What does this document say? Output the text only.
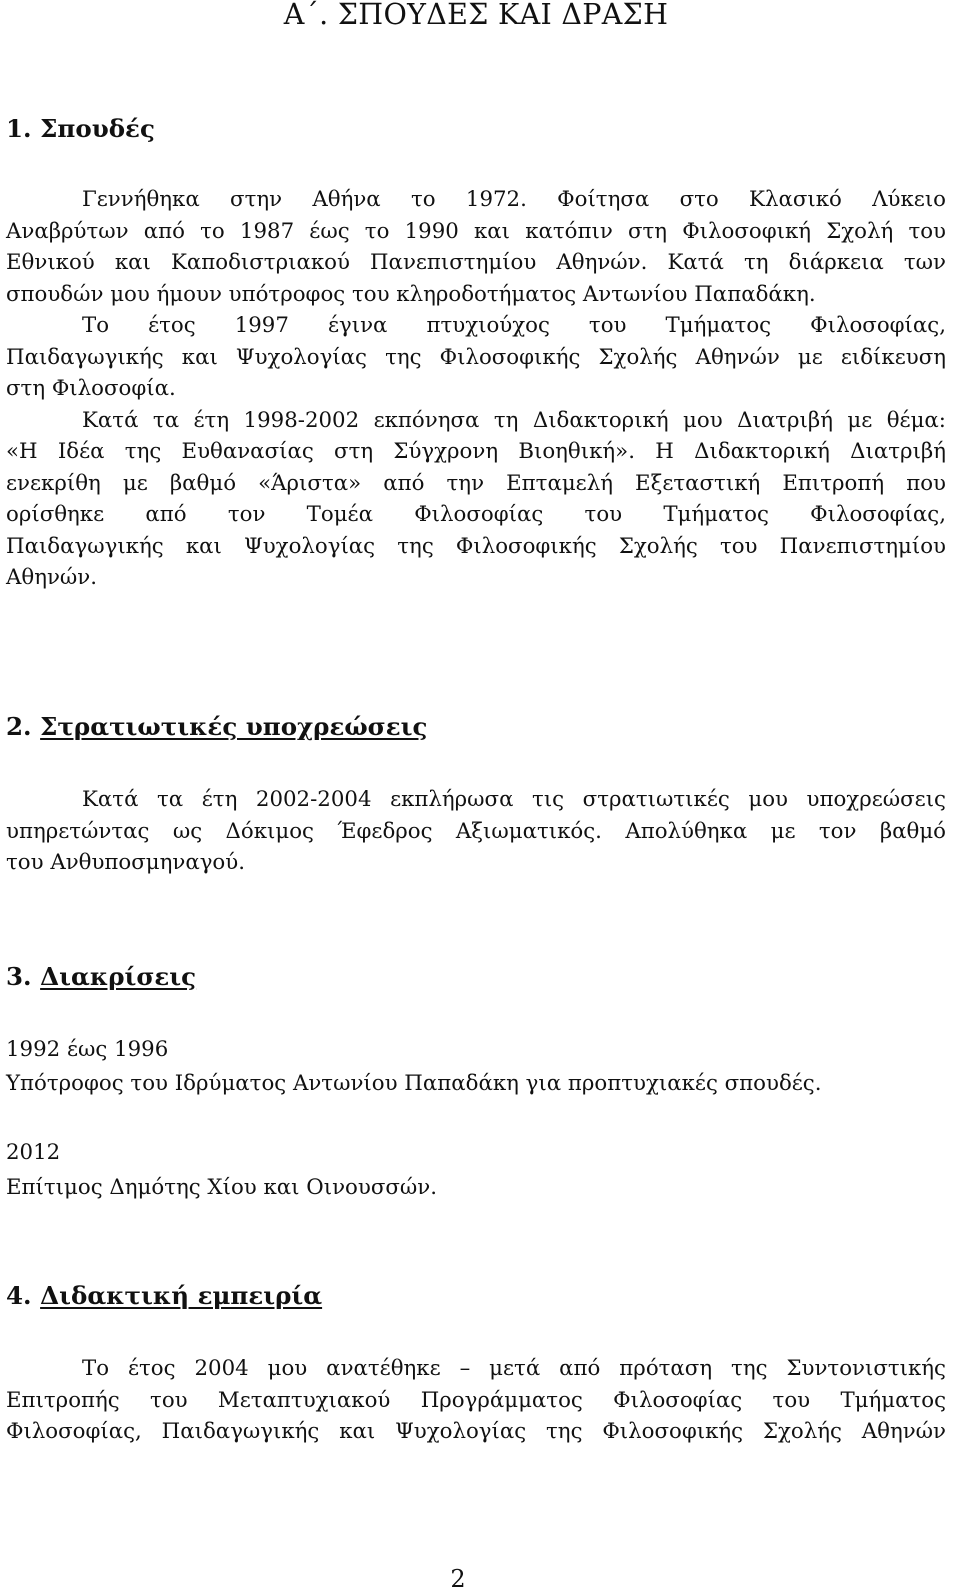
Α΄. ΣΠΟΥΔΕΣ ΚΑΙ ΔΡΑΣΗ
1. Σπουδές
Γεννήθηκα στην Αθήνα το 1972. Φοίτησα στο Κλασικό Λύκειο
Αναβρύτων από το 1987 έως το 1990 και κατόπιν στη Φιλοσοφική Σχολή του
Εθνικού και Καποδιστριακού Πανεπιστημίου Αθηνών. Κατά τη διάρκεια των
σπουδών μου ήμουν υπότροφος του κληροδοτήματος Αντωνίου Παπαδάκη.
Το έτος 1997 έγινα πτυχιούχος του Τμήματος Φιλοσοφίας,
Παιδαγωγικής και Ψυχολογίας της Φιλοσοφικής Σχολής Αθηνών με ειδίκευση
στη Φιλοσοφία.
Κατά τα έτη 1998-2002 εκπόνησα τη Διδακτορική μου Διατριβή με θέμα:
«Η Ιδέα της Ευθανασίας στη Σύγχρονη Βιοηθική». Η Διδακτορική Διατριβή
ενεκρίθη με βαθμό «Άριστα» από την Επταμελή Εξεταστική Επιτροπή που
ορίσθηκε από τον Τομέα Φιλοσοφίας του Τμήματος Φιλοσοφίας,
Παιδαγωγικής και Ψυχολογίας της Φιλοσοφικής Σχολής του Πανεπιστημίου
Αθηνών.
2. Στρατιωτικές υποχρεώσεις
Κατά τα έτη 2002-2004 εκπλήρωσα τις στρατιωτικές μου υποχρεώσεις
υπηρετώντας ως Δόκιμος Έφεδρος Αξιωματικός. Απολύθηκα με τον βαθμό
του Ανθυποσμηναγού.
3. Διακρίσεις
1992 έως 1996
Υπότροφος του Ιδρύματος Αντωνίου Παπαδάκη για προπτυχιακές σπουδές.
2012
Επίτιμος Δημότης Χίου και Οινουσσών.
4. Διδακτική εμπειρία
Το έτος 2004 μου ανατέθηκε – μετά από πρόταση της Συντονιστικής
Επιτροπής του Μεταπτυχιακού Προγράμματος Φιλοσοφίας του Τμήματος
Φιλοσοφίας, Παιδαγωγικής και Ψυχολογίας της Φιλοσοφικής Σχολής Αθηνών
2
